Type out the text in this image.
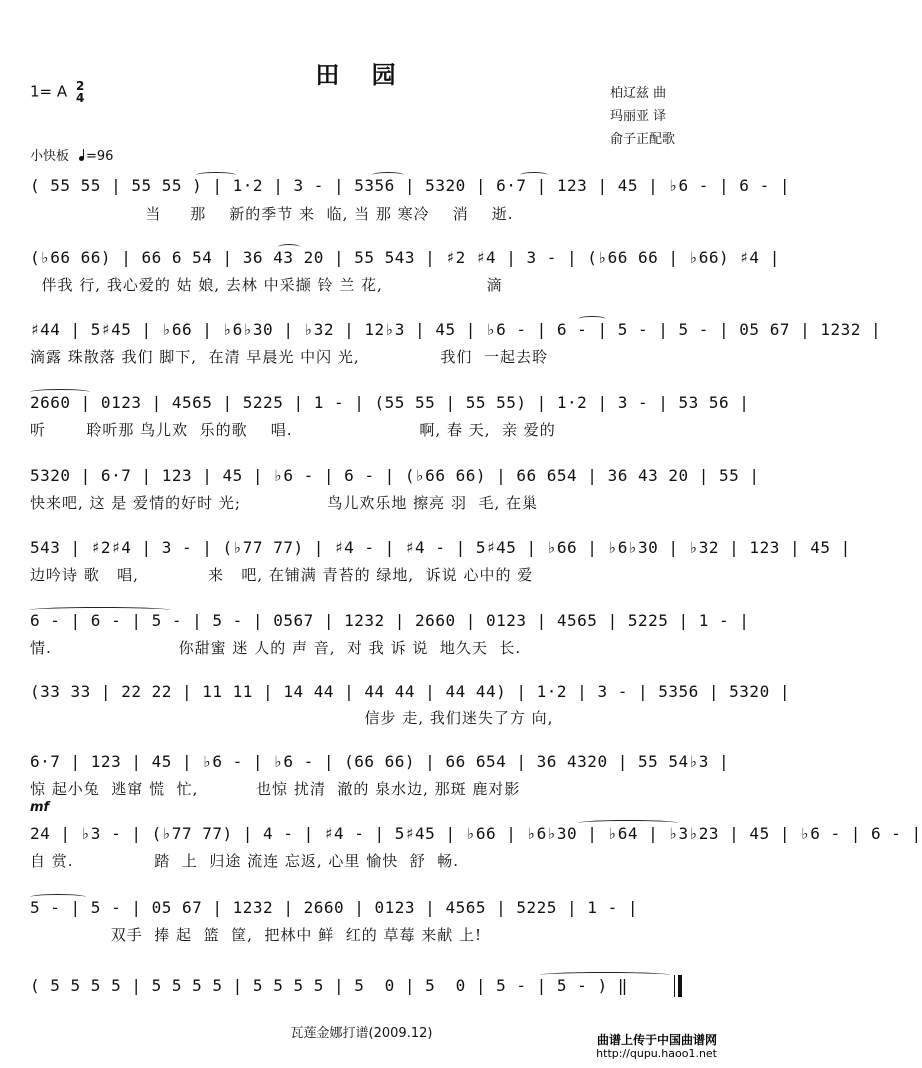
田 园
1= A 2
4	柏辽兹 曲
玛丽亚 译
俞子正配歌
小快板 =96
( 55 55 | 55 55 ) | 1·2 | 3 - | 5356 | 5320 | 6·7 | 123 | 45 | ♭6 - | 6 - |
当     那    新的季节 来  临, 当 那 寒冷    消    逝.
(♭66 66) | 66 6 54 | 36 43 20 | 55 543 | ♯2 ♯4 | 3 - | (♭66 66 | ♭66) ♯4 |
伴我 行, 我心爱的 姑 娘, 去林 中采撷 铃 兰 花,                  滴
♯44 | 5♯45 | ♭66 | ♭6♭30 | ♭32 | 12♭3 | 45 | ♭6 - | 6 - | 5 - | 5 - | 05 67 | 1232 |
滴露 珠散落 我们 脚下,  在清 早晨光 中闪 光,              我们  一起去聆
2660 | 0123 | 4565 | 5225 | 1 - | (55 55 | 55 55) | 1·2 | 3 - | 53 56 |
听       聆听那 鸟儿欢  乐的歌    唱.                      啊, 春 天,  亲 爱的
5320 | 6·7 | 123 | 45 | ♭6 - | 6 - | (♭66 66) | 66 654 | 36 43 20 | 55 |
快来吧, 这 是 爱情的好时 光;               鸟儿欢乐地 擦亮 羽  毛, 在巢
543 | ♯2♯4 | 3 - | (♭77 77) | ♯4 - | ♯4 - | 5♯45 | ♭66 | ♭6♭30 | ♭32 | 123 | 45 |
边吟诗 歌   唱,            来   吧, 在铺满 青苔的 绿地,  诉说 心中的 爱
6 - | 6 - | 5 - | 5 - | 0567 | 1232 | 2660 | 0123 | 4565 | 5225 | 1 - |
情.                      你甜蜜 迷 人的 声 音,  对 我 诉 说  地久天  长.
(33 33 | 22 22 | 11 11 | 14 44 | 44 44 | 44 44) | 1·2 | 3 - | 5356 | 5320 |
信步 走, 我们迷失了方 向,
6·7 | 123 | 45 | ♭6 - | ♭6 - | (66 66) | 66 654 | 36 4320 | 55 54♭3 |
惊 起小兔  逃窜 慌  忙,          也惊 扰清  澈的 泉水边, 那斑 鹿对影
mf
24 | ♭3 - | (♭77 77) | 4 - | ♯4 - | 5♯45 | ♭66 | ♭6♭30 | ♭64 | ♭3♭23 | 45 | ♭6 - | 6 - |
自 赏.              踏  上  归途 流连 忘返, 心里 愉快  舒  畅.
5 - | 5 - | 05 67 | 1232 | 2660 | 0123 | 4565 | 5225 | 1 - |
双手  捧 起  篮  筐,  把林中 鲜  红的 草莓 来献 上!
( 5 5 5 5 | 5 5 5 5 | 5 5 5 5 | 5  0 | 5  0 | 5 - | 5 - ) ‖
瓦莲金娜打谱(2009.12)	曲谱上传于中国曲谱网
http://qupu.haoo1.net
